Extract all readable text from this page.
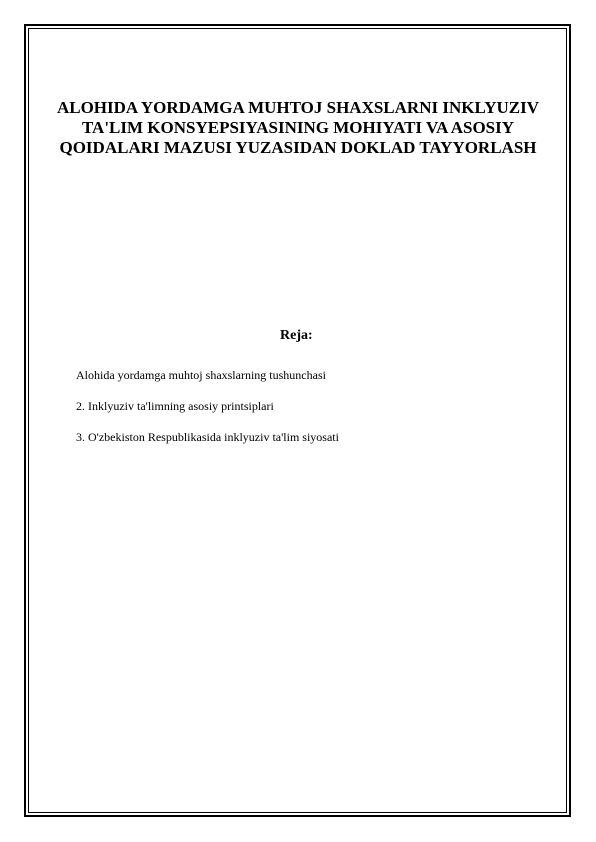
ALOHIDA YORDAMGA MUHTOJ SHAXSLARNI INKLYUZIV TA'LIM KONSYEPSIYASINING MOHIYATI VA ASOSIY QOIDALARI MAZUSI YUZASIDAN DOKLAD TAYYORLASH
Reja:
Alohida yordamga muhtoj shaxslarning tushunchasi
2. Inklyuziv ta'limning asosiy printsiplari
3. O'zbekiston Respublikasida inklyuziv ta'lim siyosati
